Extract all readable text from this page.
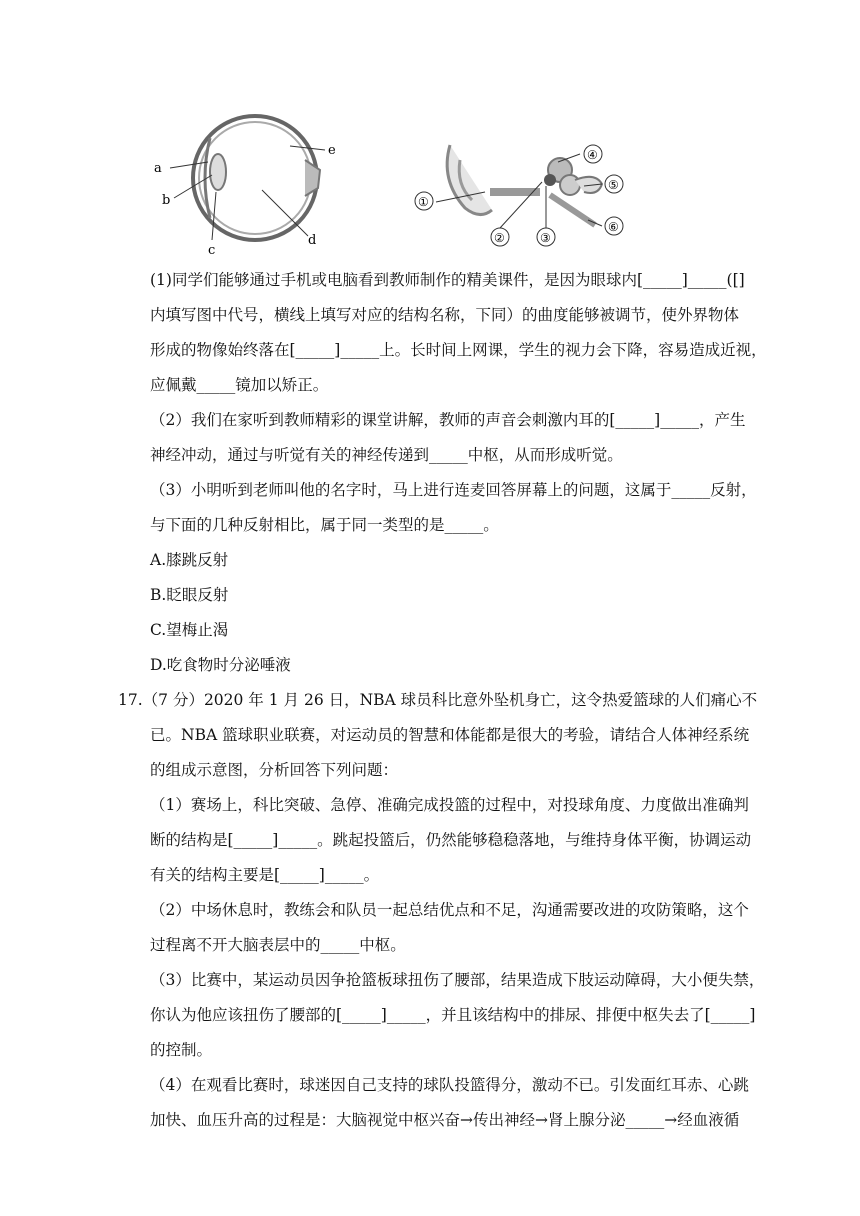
a
b
c
d
e
①
②	③
④
⑤
⑥
(1)同学们能够通过手机或电脑看到教师制作的精美课件，是因为眼球内[_____]_____([]
内填写图中代号，横线上填写对应的结构名称，下同）的曲度能够被调节，使外界物体
形成的物像始终落在[_____]_____上。长时间上网课，学生的视力会下降，容易造成近视，
应佩戴_____镜加以矫正。
（2）我们在家听到教师精彩的课堂讲解，教师的声音会刺激内耳的[_____]_____，产生
神经冲动，通过与听觉有关的神经传递到_____中枢，从而形成听觉。
（3）小明听到老师叫他的名字时，马上进行连麦回答屏幕上的问题，这属于_____反射，
与下面的几种反射相比，属于同一类型的是_____。
A.膝跳反射
B.眨眼反射
C.望梅止渴
D.吃食物时分泌唾液
17.（7 分）2020 年 1 月 26 日，NBA 球员科比意外坠机身亡，这令热爱篮球的人们痛心不
已。NBA 篮球职业联赛，对运动员的智慧和体能都是很大的考验，请结合人体神经系统
的组成示意图，分析回答下列问题：
（1）赛场上，科比突破、急停、准确完成投篮的过程中，对投球角度、力度做出准确判
断的结构是[_____]_____。跳起投篮后，仍然能够稳稳落地，与维持身体平衡，协调运动
有关的结构主要是[_____]_____。
（2）中场休息时，教练会和队员一起总结优点和不足，沟通需要改进的攻防策略，这个
过程离不开大脑表层中的_____中枢。
（3）比赛中，某运动员因争抢篮板球扭伤了腰部，结果造成下肢运动障碍，大小便失禁，
你认为他应该扭伤了腰部的[_____]_____，并且该结构中的排尿、排便中枢失去了[_____]
的控制。
（4）在观看比赛时，球迷因自己支持的球队投篮得分，激动不已。引发面红耳赤、心跳
加快、血压升高的过程是：大脑视觉中枢兴奋→传出神经→肾上腺分泌_____→经血液循
